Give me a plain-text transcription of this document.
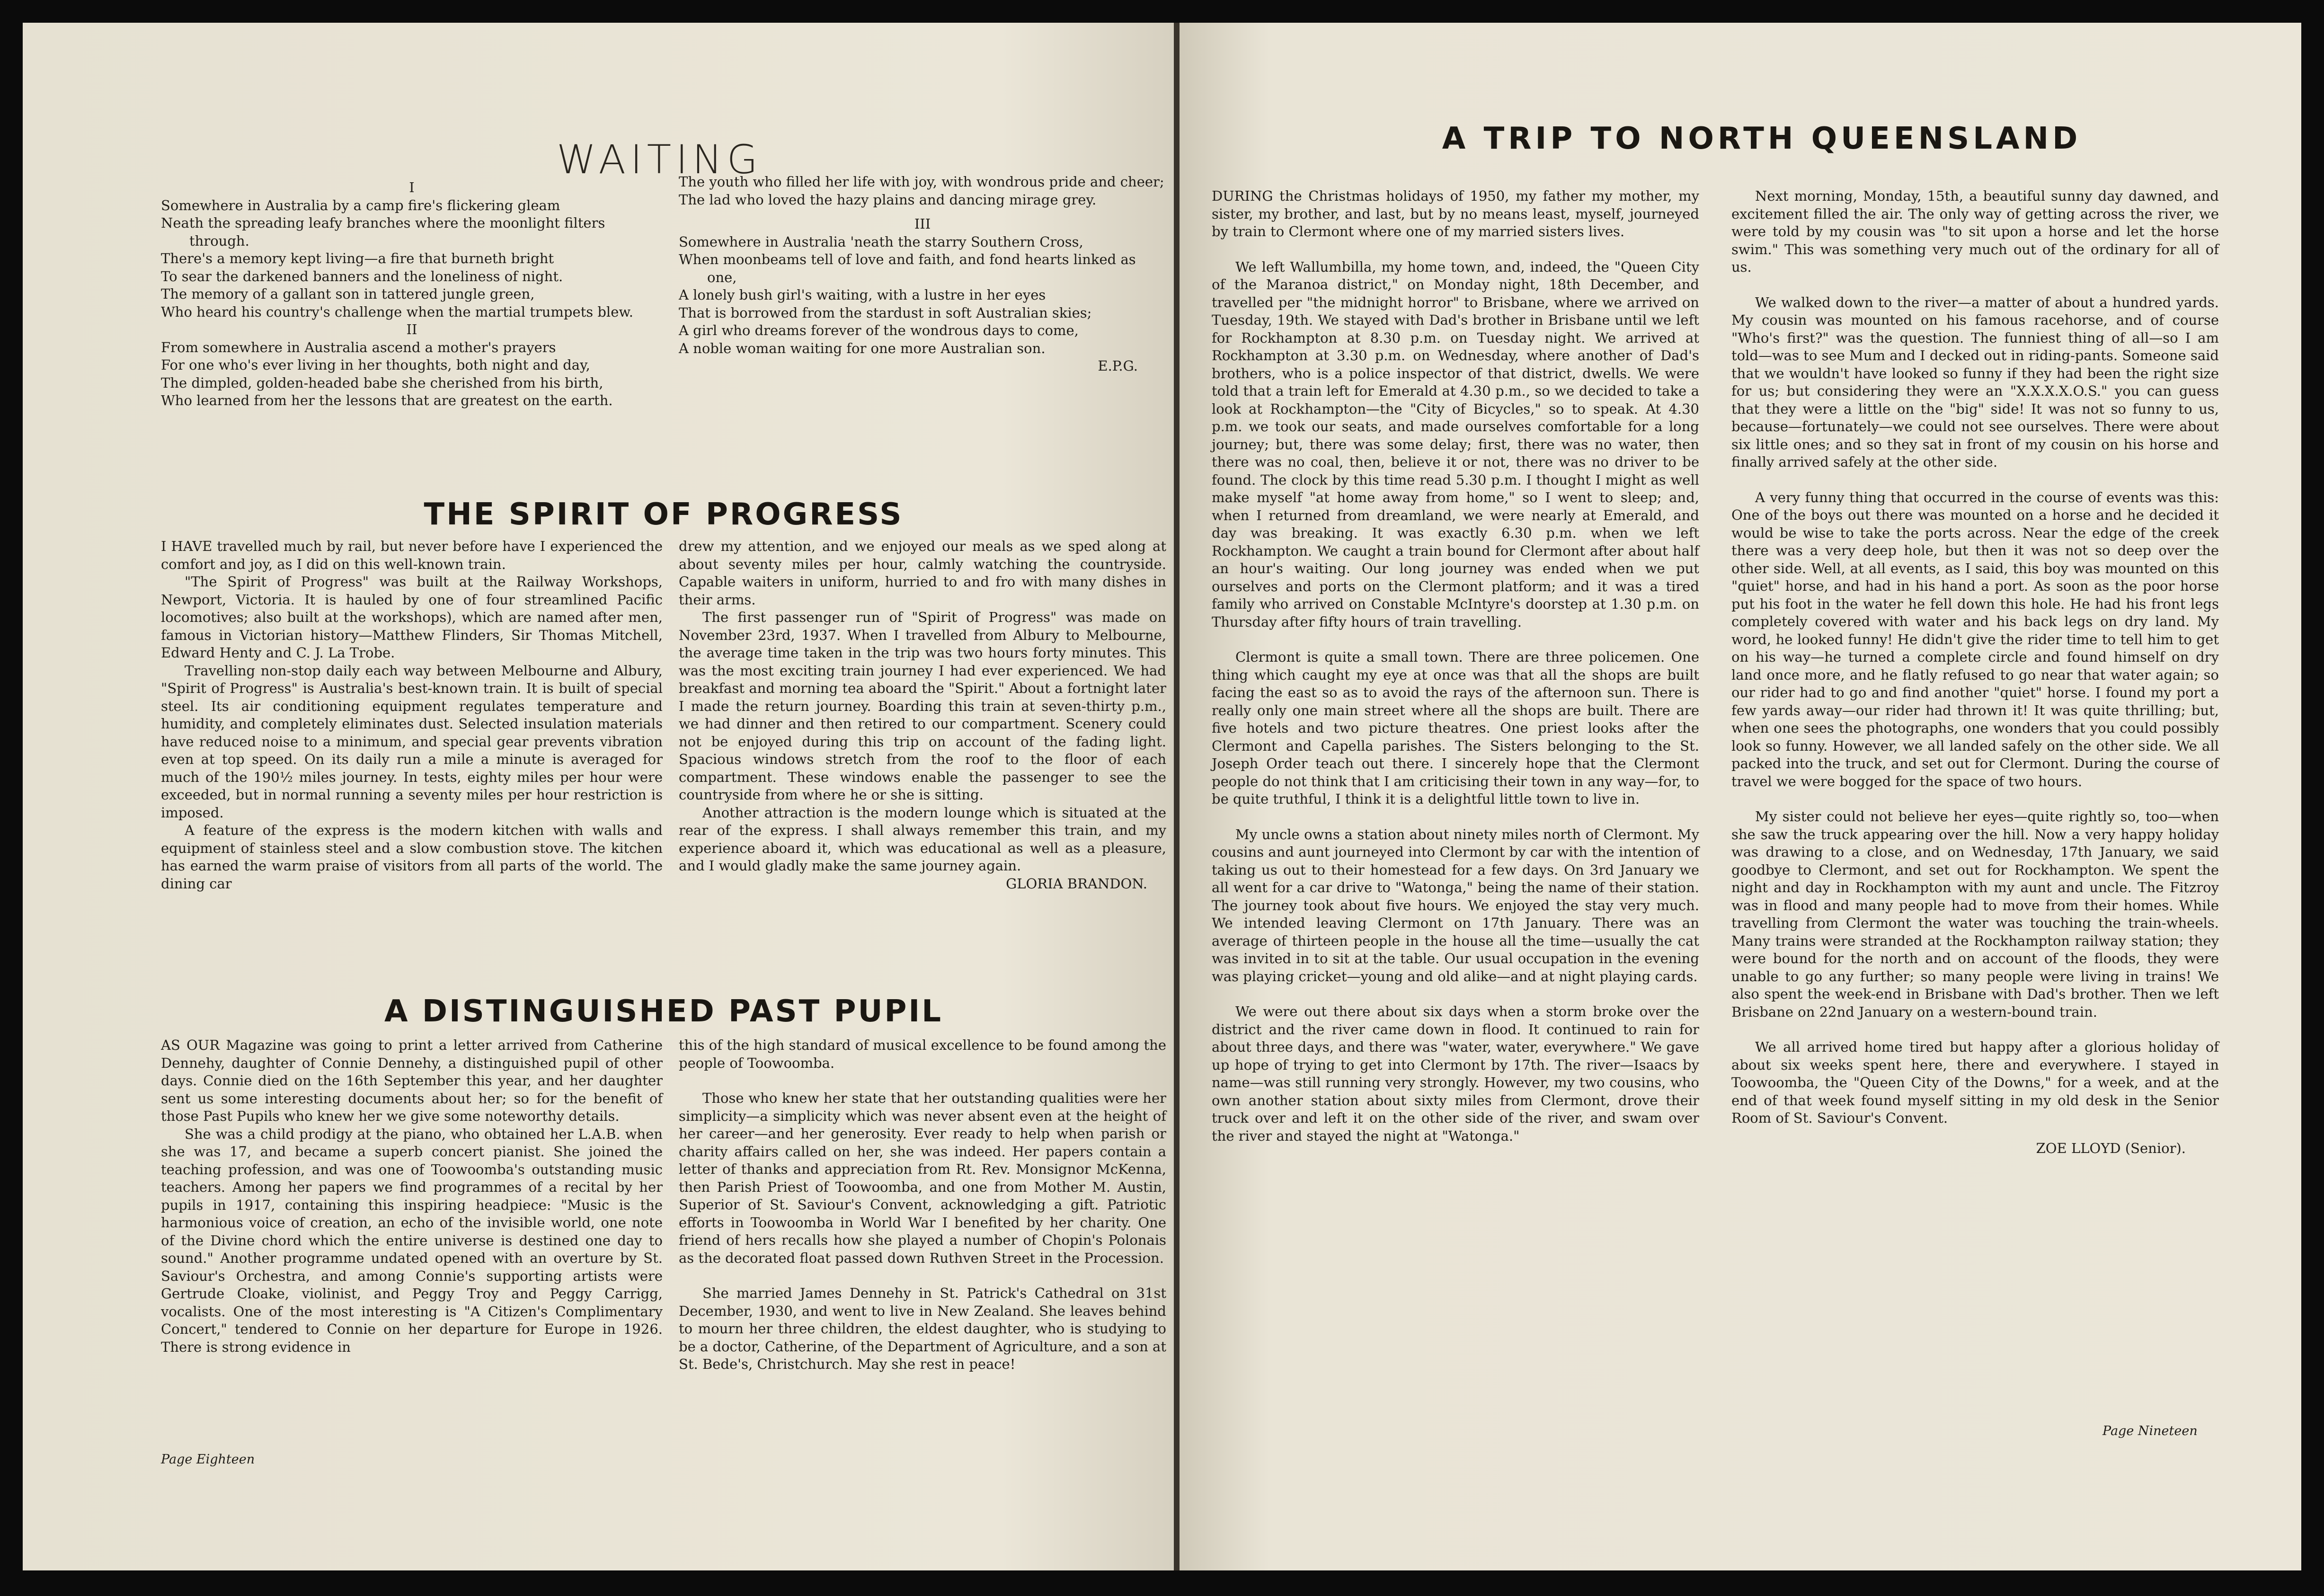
WAITING
I
Somewhere in Australia by a camp fire's flickering gleam
Neath the spreading leafy branches where the moonlight filters through.
There's a memory kept living—a fire that burneth bright
To sear the darkened banners and the loneliness of night.
The memory of a gallant son in tattered jungle green,
Who heard his country's challenge when the martial trumpets blew.
II
From somewhere in Australia ascend a mother's prayers
For one who's ever living in her thoughts, both night and day,
The dimpled, golden-headed babe she cherished from his birth,
Who learned from her the lessons that are greatest on the earth.
The youth who filled her life with joy, with wondrous pride and cheer;
The lad who loved the hazy plains and dancing mirage grey.
III
Somewhere in Australia 'neath the starry Southern Cross,
When moonbeams tell of love and faith, and fond hearts linked as one,
A lonely bush girl's waiting, with a lustre in her eyes
That is borrowed from the stardust in soft Australian skies;
A girl who dreams forever of the wondrous days to come,
A noble woman waiting for one more Australian son.
E.P.G.
THE SPIRIT OF PROGRESS

I HAVE travelled much by rail, but never before have I experienced the comfort and joy, as I did on this well-known train.

"The Spirit of Progress" was built at the Railway Workshops, Newport, Victoria. It is hauled by one of four streamlined Pacific locomotives; also built at the workshops), which are named after men, famous in Victorian history—Matthew Flinders, Sir Thomas Mitchell, Edward Henty and C. J. La Trobe.

Travelling non-stop daily each way between Melbourne and Albury, "Spirit of Progress" is Australia's best-known train. It is built of special steel. Its air conditioning equipment regulates temperature and humidity, and completely eliminates dust. Selected insulation materials have reduced noise to a minimum, and special gear prevents vibration even at top speed. On its daily run a mile a minute is averaged for much of the 190½ miles journey. In tests, eighty miles per hour were exceeded, but in normal running a seventy miles per hour restriction is imposed.

A feature of the express is the modern kitchen with walls and equipment of stainless steel and a slow combustion stove. The kitchen has earned the warm praise of visitors from all parts of the world. The dining car

drew my attention, and we enjoyed our meals as we sped along at about seventy miles per hour, calmly watching the countryside. Capable waiters in uniform, hurried to and fro with many dishes in their arms.

The first passenger run of "Spirit of Progress" was made on November 23rd, 1937. When I travelled from Albury to Melbourne, the average time taken in the trip was two hours forty minutes. This was the most exciting train journey I had ever experienced. We had breakfast and morning tea aboard the "Spirit." About a fortnight later I made the return journey. Boarding this train at seven-thirty p.m., we had dinner and then retired to our compartment. Scenery could not be enjoyed during this trip on account of the fading light. Spacious windows stretch from the roof to the floor of each compartment. These windows enable the passenger to see the countryside from where he or she is sitting.

Another attraction is the modern lounge which is situated at the rear of the express. I shall always remember this train, and my experience aboard it, which was educational as well as a pleasure, and I would gladly make the same journey again.

GLORIA BRANDON.
A DISTINGUISHED PAST PUPIL

AS OUR Magazine was going to print a letter arrived from Catherine Dennehy, daughter of Connie Dennehy, a distinguished pupil of other days. Connie died on the 16th September this year, and her daughter sent us some interesting documents about her; so for the benefit of those Past Pupils who knew her we give some noteworthy details.

She was a child prodigy at the piano, who obtained her L.A.B. when she was 17, and became a superb concert pianist. She joined the teaching profession, and was one of Toowoomba's outstanding music teachers. Among her papers we find programmes of a recital by her pupils in 1917, containing this inspiring headpiece: "Music is the harmonious voice of creation, an echo of the invisible world, one note of the Divine chord which the entire universe is destined one day to sound." Another programme undated opened with an overture by St. Saviour's Orchestra, and among Connie's supporting artists were Gertrude Cloake, violinist, and Peggy Troy and Peggy Carrigg, vocalists. One of the most interesting is "A Citizen's Complimentary Concert," tendered to Connie on her departure for Europe in 1926. There is strong evidence in

this of the high standard of musical excellence to be found among the people of Toowoomba.

Those who knew her state that her outstanding qualities were her simplicity—a simplicity which was never absent even at the height of her career—and her generosity. Ever ready to help when parish or charity affairs called on her, she was indeed. Her papers contain a letter of thanks and appreciation from Rt. Rev. Monsignor McKenna, then Parish Priest of Toowoomba, and one from Mother M. Austin, Superior of St. Saviour's Convent, acknowledging a gift. Patriotic efforts in Toowoomba in World War I benefited by her charity. One friend of hers recalls how she played a number of Chopin's Polonais as the decorated float passed down Ruthven Street in the Procession.

She married James Dennehy in St. Patrick's Cathedral on 31st December, 1930, and went to live in New Zealand. She leaves behind to mourn her three children, the eldest daughter, who is studying to be a doctor, Catherine, of the Department of Agriculture, and a son at St. Bede's, Christchurch. May she rest in peace!

Page Eighteen
A TRIP TO NORTH QUEENSLAND

DURING the Christmas holidays of 1950, my father my mother, my sister, my brother, and last, but by no means least, myself, journeyed by train to Clermont where one of my married sisters lives.

We left Wallumbilla, my home town, and, indeed, the "Queen City of the Maranoa district," on Monday night, 18th December, and travelled per "the midnight horror" to Brisbane, where we arrived on Tuesday, 19th. We stayed with Dad's brother in Brisbane until we left for Rockhampton at 8.30 p.m. on Tuesday night. We arrived at Rockhampton at 3.30 p.m. on Wednesday, where another of Dad's brothers, who is a police inspector of that district, dwells. We were told that a train left for Emerald at 4.30 p.m., so we decided to take a look at Rockhampton—the "City of Bicycles," so to speak. At 4.30 p.m. we took our seats, and made ourselves comfortable for a long journey; but, there was some delay; first, there was no water, then there was no coal, then, believe it or not, there was no driver to be found. The clock by this time read 5.30 p.m. I thought I might as well make myself "at home away from home," so I went to sleep; and, when I returned from dreamland, we were nearly at Emerald, and day was breaking. It was exactly 6.30 p.m. when we left Rockhampton. We caught a train bound for Clermont after about half an hour's waiting. Our long journey was ended when we put ourselves and ports on the Clermont platform; and it was a tired family who arrived on Constable McIntyre's doorstep at 1.30 p.m. on Thursday after fifty hours of train travelling.

Clermont is quite a small town. There are three policemen. One thing which caught my eye at once was that all the shops are built facing the east so as to avoid the rays of the afternoon sun. There is really only one main street where all the shops are built. There are five hotels and two picture theatres. One priest looks after the Clermont and Capella parishes. The Sisters belonging to the St. Joseph Order teach out there. I sincerely hope that the Clermont people do not think that I am criticising their town in any way—for, to be quite truthful, I think it is a delightful little town to live in.

My uncle owns a station about ninety miles north of Clermont. My cousins and aunt journeyed into Clermont by car with the intention of taking us out to their homestead for a few days. On 3rd January we all went for a car drive to "Watonga," being the name of their station. The journey took about five hours. We enjoyed the stay very much. We intended leaving Clermont on 17th January. There was an average of thirteen people in the house all the time—usually the cat was invited in to sit at the table. Our usual occupation in the evening was playing cricket—young and old alike—and at night playing cards.

We were out there about six days when a storm broke over the district and the river came down in flood. It continued to rain for about three days, and there was "water, water, everywhere." We gave up hope of trying to get into Clermont by 17th. The river—Isaacs by name—was still running very strongly. However, my two cousins, who own another station about sixty miles from Clermont, drove their truck over and left it on the other side of the river, and swam over the river and stayed the night at "Watonga."

Next morning, Monday, 15th, a beautiful sunny day dawned, and excitement filled the air. The only way of getting across the river, we were told by my cousin was "to sit upon a horse and let the horse swim." This was something very much out of the ordinary for all of us.

We walked down to the river—a matter of about a hundred yards. My cousin was mounted on his famous racehorse, and of course "Who's first?" was the question. The funniest thing of all—so I am told—was to see Mum and I decked out in riding-pants. Someone said that we wouldn't have looked so funny if they had been the right size for us; but considering they were an "X.X.X.X.O.S." you can guess that they were a little on the "big" side! It was not so funny to us, because—fortunately—we could not see ourselves. There were about six little ones; and so they sat in front of my cousin on his horse and finally arrived safely at the other side.

A very funny thing that occurred in the course of events was this: One of the boys out there was mounted on a horse and he decided it would be wise to take the ports across. Near the edge of the creek there was a very deep hole, but then it was not so deep over the other side. Well, at all events, as I said, this boy was mounted on this "quiet" horse, and had in his hand a port. As soon as the poor horse put his foot in the water he fell down this hole. He had his front legs completely covered with water and his back legs on dry land. My word, he looked funny! He didn't give the rider time to tell him to get on his way—he turned a complete circle and found himself on dry land once more, and he flatly refused to go near that water again; so our rider had to go and find another "quiet" horse. I found my port a few yards away—our rider had thrown it! It was quite thrilling; but, when one sees the photographs, one wonders that you could possibly look so funny. However, we all landed safely on the other side. We all packed into the truck, and set out for Clermont. During the course of travel we were bogged for the space of two hours.

My sister could not believe her eyes—quite rightly so, too—when she saw the truck appearing over the hill. Now a very happy holiday was drawing to a close, and on Wednesday, 17th January, we said goodbye to Clermont, and set out for Rockhampton. We spent the night and day in Rockhampton with my aunt and uncle. The Fitzroy was in flood and many people had to move from their homes. While travelling from Clermont the water was touching the train-wheels. Many trains were stranded at the Rockhampton railway station; they were bound for the north and on account of the floods, they were unable to go any further; so many people were living in trains! We also spent the week-end in Brisbane with Dad's brother. Then we left Brisbane on 22nd January on a western-bound train.

We all arrived home tired but happy after a glorious holiday of about six weeks spent here, there and everywhere. I stayed in Toowoomba, the "Queen City of the Downs," for a week, and at the end of that week found myself sitting in my old desk in the Senior Room of St. Saviour's Convent.

ZOE LLOYD (Senior).
Page Nineteen
